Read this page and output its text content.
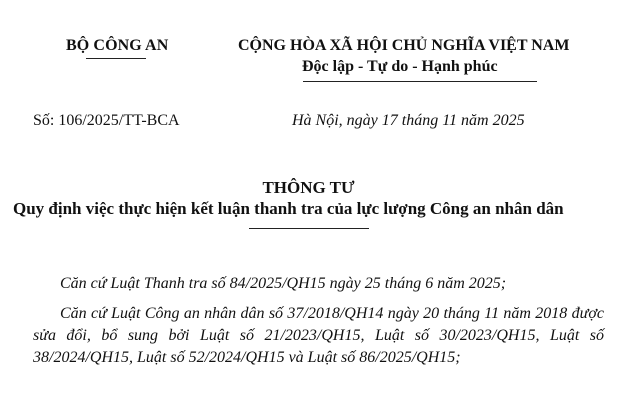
BỘ CÔNG AN	CỘNG HÒA XÃ HỘI CHỦ NGHĨA VIỆT NAM
Độc lập - Tự do - Hạnh phúc
Số: 106/2025/TT-BCA	Hà Nội, ngày 17 tháng 11 năm 2025
THÔNG TƯ
Quy định việc thực hiện kết luận thanh tra của lực lượng Công an nhân dân
Căn cứ Luật Thanh tra số 84/2025/QH15 ngày 25 tháng 6 năm 2025;
Căn cứ Luật Công an nhân dân số 37/2018/QH14 ngày 20 tháng 11 năm 2018 được sửa đổi, bổ sung bởi Luật số 21/2023/QH15, Luật số 30/2023/QH15, Luật số 38/2024/QH15, Luật số 52/2024/QH15 và Luật số 86/2025/QH15;
